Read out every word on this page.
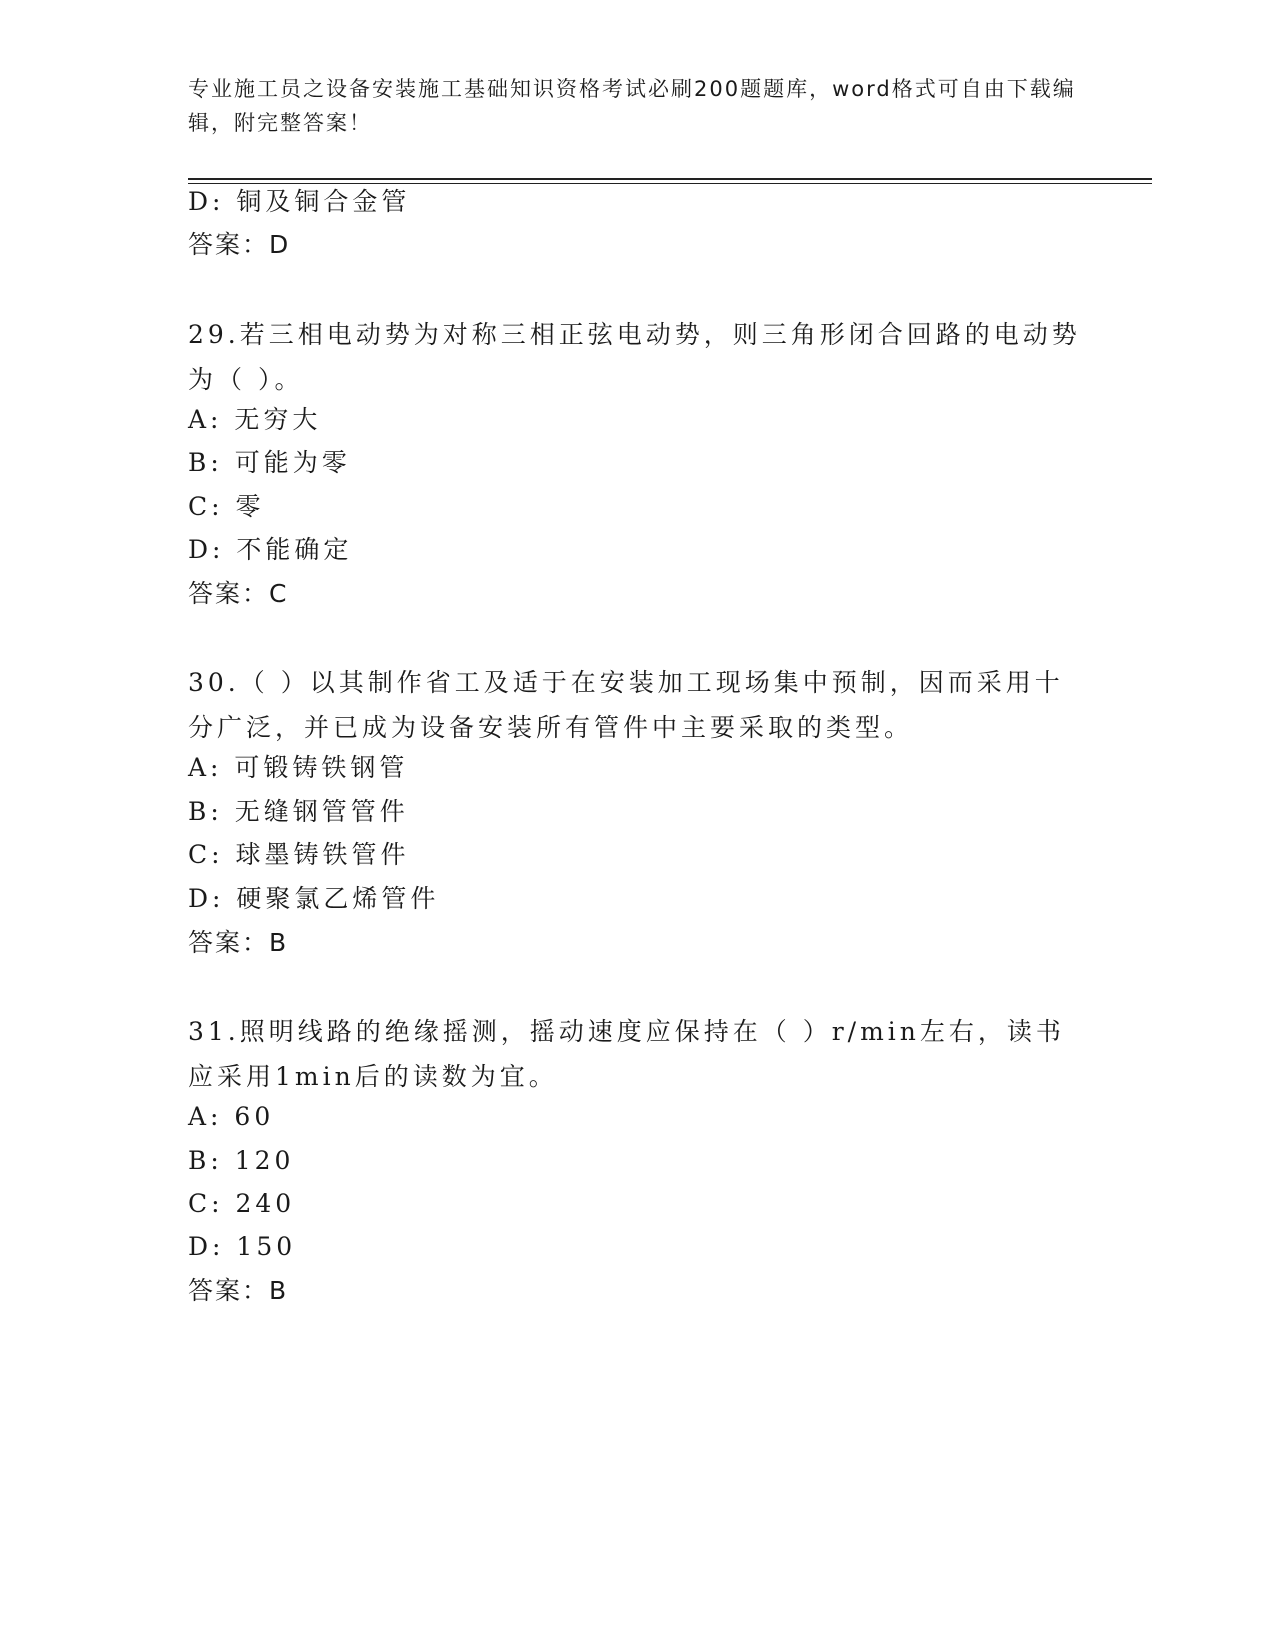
专业施工员之设备安装施工基础知识资格考试必刷200题题库，word格式可自由下载编辑，附完整答案！
D: 铜及铜合金管
答案：D
29.若三相电动势为对称三相正弦电动势，则三角形闭合回路的电动势为（ ）。
A: 无穷大
B: 可能为零
C: 零
D: 不能确定
答案：C
30.（ ）以其制作省工及适于在安装加工现场集中预制，因而采用十分广泛，并已成为设备安装所有管件中主要采取的类型。
A: 可锻铸铁钢管
B: 无缝钢管管件
C: 球墨铸铁管件
D: 硬聚氯乙烯管件
答案：B
31.照明线路的绝缘摇测，摇动速度应保持在（ ）r/min左右，读书应采用1min后的读数为宜。
A: 60
B: 120
C: 240
D: 150
答案：B
